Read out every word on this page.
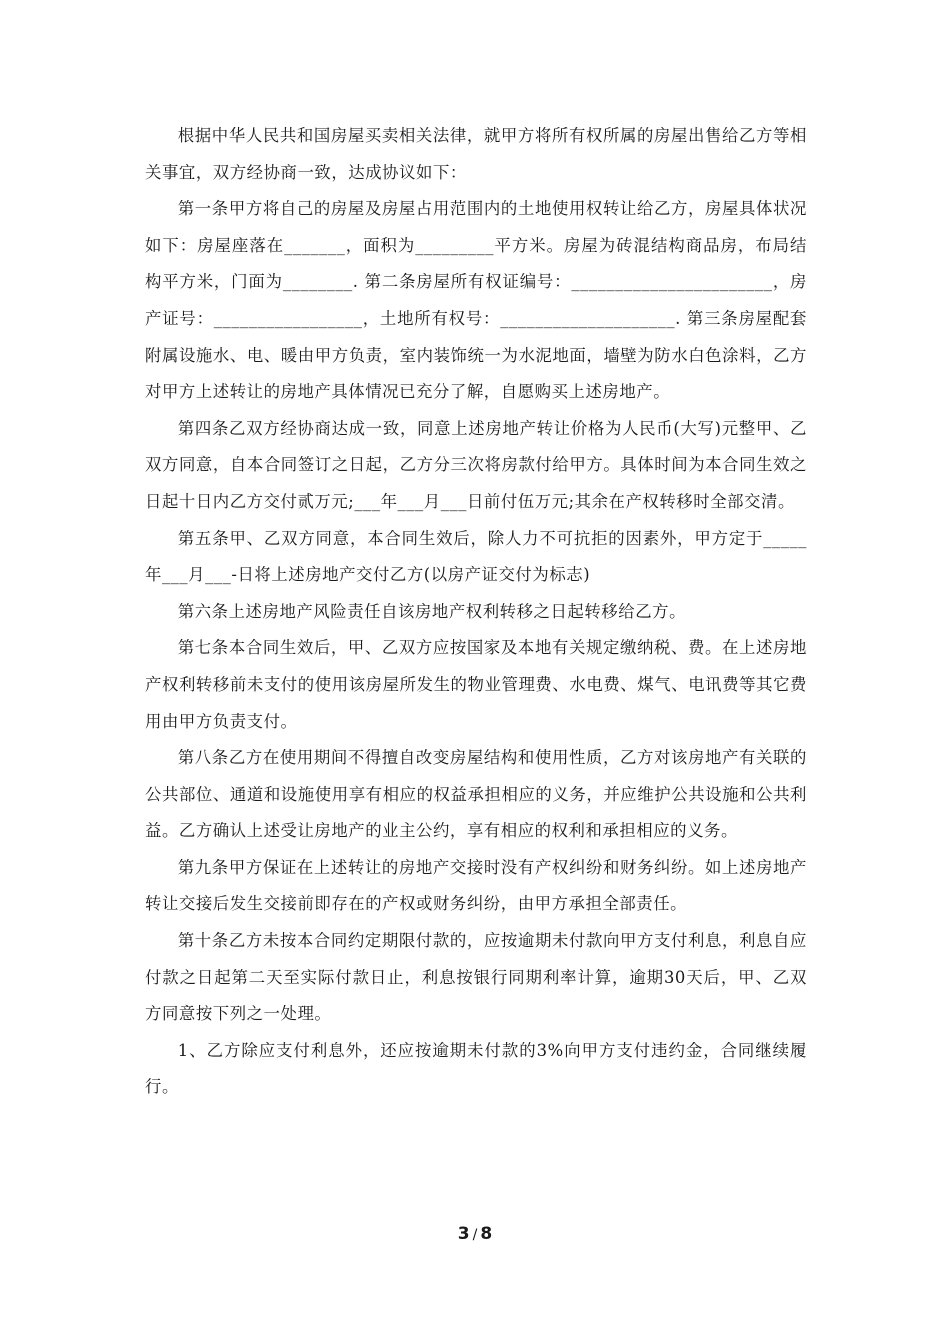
根据中华人民共和国房屋买卖相关法律，就甲方将所有权所属的房屋出售给乙方等相关事宜，双方经协商一致，达成协议如下：

第一条甲方将自己的房屋及房屋占用范围内的土地使用权转让给乙方，房屋具体状况如下：房屋座落在_______，面积为_________平方米。房屋为砖混结构商品房，布局结构平方米，门面为________. 第二条房屋所有权证编号：_______________________，房产证号：_________________，土地所有权号：____________________. 第三条房屋配套附属设施水、电、暖由甲方负责，室内装饰统一为水泥地面，墙壁为防水白色涂料，乙方对甲方上述转让的房地产具体情况已充分了解，自愿购买上述房地产。

第四条乙双方经协商达成一致，同意上述房地产转让价格为人民币(大写)元整甲、乙双方同意，自本合同签订之日起，乙方分三次将房款付给甲方。具体时间为本合同生效之日起十日内乙方交付贰万元;___年___月___日前付伍万元;其余在产权转移时全部交清。

第五条甲、乙双方同意，本合同生效后，除人力不可抗拒的因素外，甲方定于_____年___月___-日将上述房地产交付乙方(以房产证交付为标志)

第六条上述房地产风险责任自该房地产权利转移之日起转移给乙方。

第七条本合同生效后，甲、乙双方应按国家及本地有关规定缴纳税、费。在上述房地产权利转移前未支付的使用该房屋所发生的物业管理费、水电费、煤气、电讯费等其它费用由甲方负责支付。

第八条乙方在使用期间不得擅自改变房屋结构和使用性质，乙方对该房地产有关联的公共部位、通道和设施使用享有相应的权益承担相应的义务，并应维护公共设施和公共利益。乙方确认上述受让房地产的业主公约，享有相应的权利和承担相应的义务。

第九条甲方保证在上述转让的房地产交接时没有产权纠纷和财务纠纷。如上述房地产转让交接后发生交接前即存在的产权或财务纠纷，由甲方承担全部责任。

第十条乙方未按本合同约定期限付款的，应按逾期未付款向甲方支付利息，利息自应付款之日起第二天至实际付款日止，利息按银行同期利率计算，逾期30天后，甲、乙双方同意按下列之一处理。

1、乙方除应支付利息外，还应按逾期未付款的3%向甲方支付违约金，合同继续履行。

3 / 8
